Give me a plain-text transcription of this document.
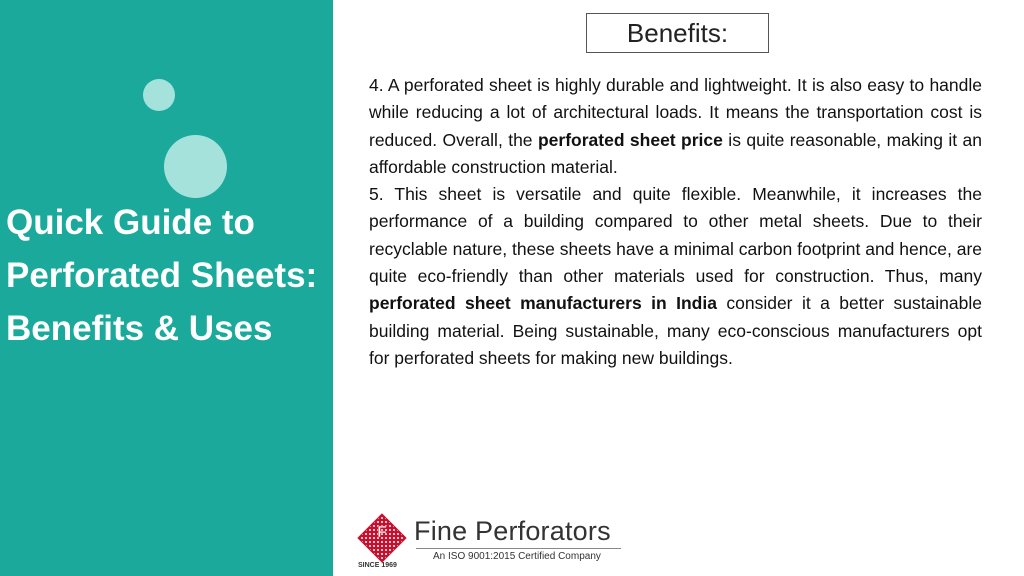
Quick Guide to
Perforated Sheets:
Benefits & Uses
Benefits:

4. A perforated sheet is highly durable and lightweight. It is also easy to handle while reducing a lot of architectural loads. It means the transportation cost is reduced. Overall, the perforated sheet price is quite reasonable, making it an affordable construction material.

5. This sheet is versatile and quite flexible. Meanwhile, it increases the performance of a building compared to other metal sheets. Due to their recyclable nature, these sheets have a minimal carbon footprint and hence, are quite eco-friendly than other materials used for construction. Thus, many perforated sheet manufacturers in India consider it a better sustainable building material. Being sustainable, many eco-conscious manufacturers opt for perforated sheets for making new buildings.

F
SINCE 1969
Fine Perforators
An ISO 9001:2015 Certified Company
